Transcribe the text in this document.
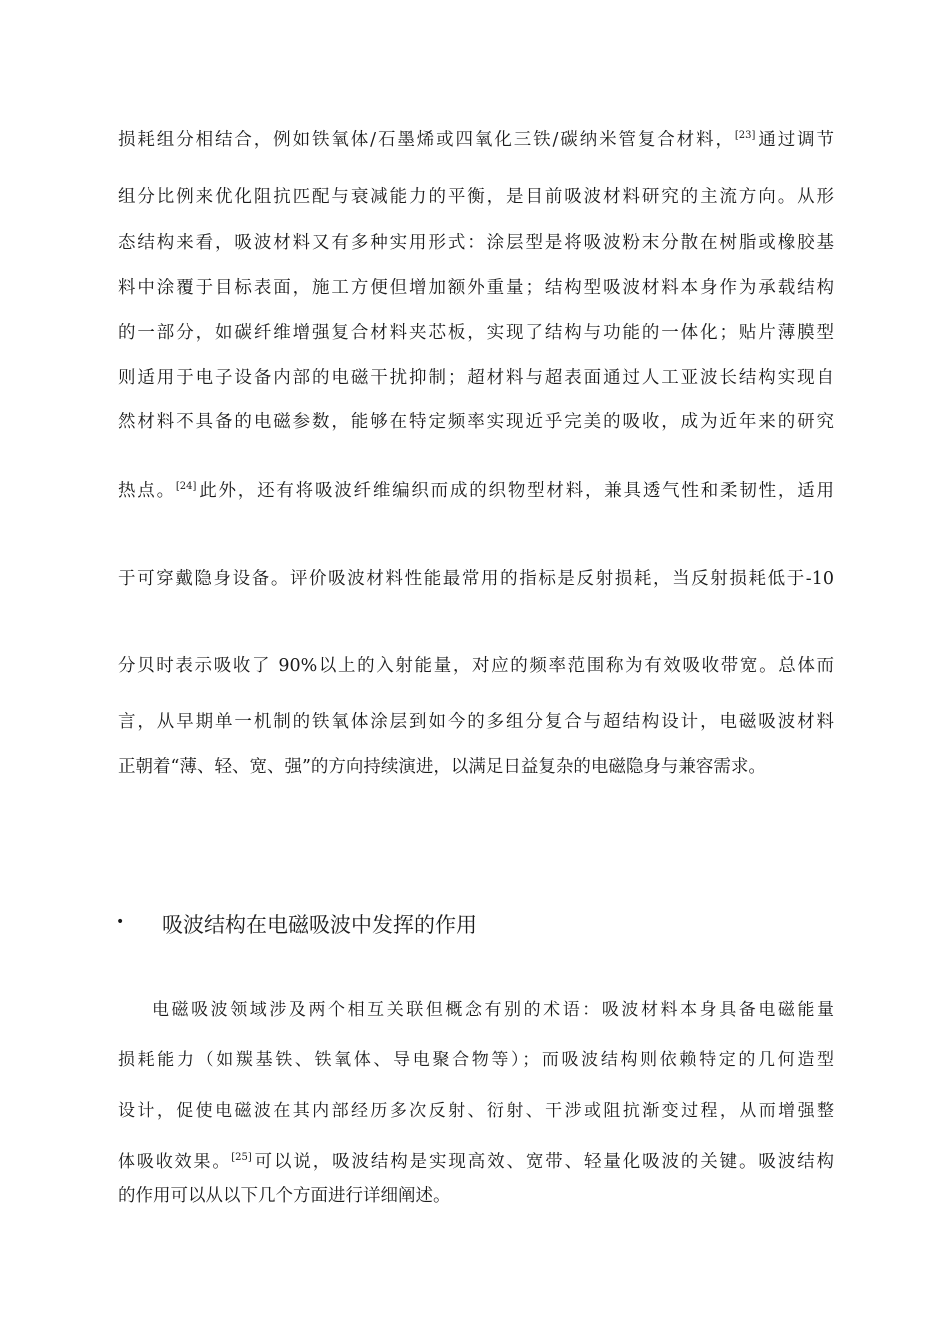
损耗组分相结合，例如铁氧体/石墨烯或四氧化三铁/碳纳米管复合材料，[23]通过调节
组分比例来优化阻抗匹配与衰减能力的平衡，是目前吸波材料研究的主流方向。从形
态结构来看，吸波材料又有多种实用形式：涂层型是将吸波粉末分散在树脂或橡胶基
料中涂覆于目标表面，施工方便但增加额外重量；结构型吸波材料本身作为承载结构
的一部分，如碳纤维增强复合材料夹芯板，实现了结构与功能的一体化；贴片薄膜型
则适用于电子设备内部的电磁干扰抑制；超材料与超表面通过人工亚波长结构实现自
然材料不具备的电磁参数，能够在特定频率实现近乎完美的吸收，成为近年来的研究
热点。[24]此外，还有将吸波纤维编织而成的织物型材料，兼具透气性和柔韧性，适用
于可穿戴隐身设备。评价吸波材料性能最常用的指标是反射损耗，当反射损耗低于-10
分贝时表示吸收了 90%以上的入射能量，对应的频率范围称为有效吸收带宽。总体而
言，从早期单一机制的铁氧体涂层到如今的多组分复合与超结构设计，电磁吸波材料
正朝着“薄、轻、宽、强”的方向持续演进，以满足日益复杂的电磁隐身与兼容需求。
• 吸波结构在电磁吸波中发挥的作用
电磁吸波领域涉及两个相互关联但概念有别的术语：吸波材料本身具备电磁能量
损耗能力（如羰基铁、铁氧体、导电聚合物等）；而吸波结构则依赖特定的几何造型
设计，促使电磁波在其内部经历多次反射、衍射、干涉或阻抗渐变过程，从而增强整
体吸收效果。[25]可以说，吸波结构是实现高效、宽带、轻量化吸波的关键。吸波结构
的作用可以从以下几个方面进行详细阐述。
